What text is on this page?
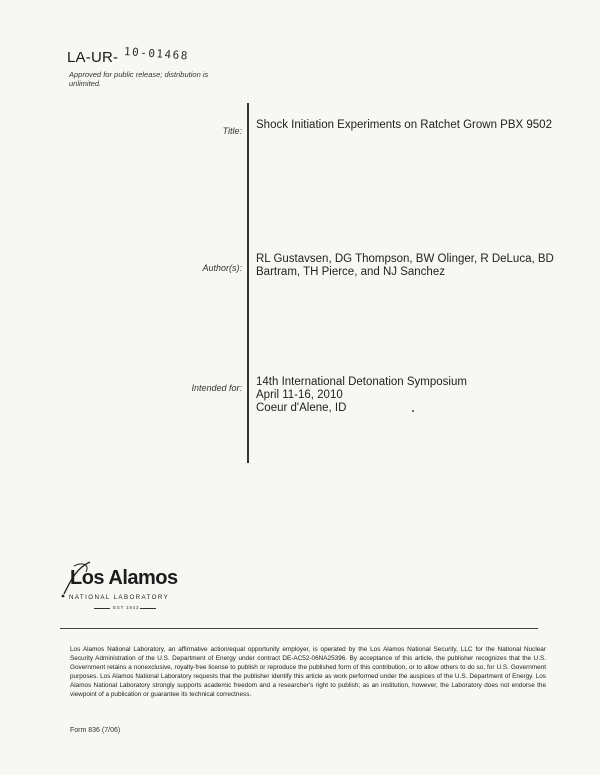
LA-UR- 10-01468
Approved for public release; distribution is unlimited.
Title: Shock Initiation Experiments on Ratchet Grown PBX 9502
Author(s):
RL Gustavsen, DG Thompson, BW Olinger, R DeLuca, BD Bartram, TH Pierce, and NJ Sanchez
Intended for: 14th International Detonation Symposium
April 11-16, 2010
Coeur d'Alene, ID
Los Alamos
NATIONAL LABORATORY
EST 1943
Los Alamos National Laboratory, an affirmative action/equal opportunity employer, is operated by the Los Alamos National Security, LLC for the National Nuclear Security Administration of the U.S. Department of Energy under contract DE-AC52-06NA25396. By acceptance of this article, the publisher recognizes that the U.S. Government retains a nonexclusive, royalty-free license to publish or reproduce the published form of this contribution, or to allow others to do so, for U.S. Government purposes. Los Alamos National Laboratory requests that the publisher identify this article as work performed under the auspices of the U.S. Department of Energy. Los Alamos National Laboratory strongly supports academic freedom and a researcher's right to publish; as an institution, however, the Laboratory does not endorse the viewpoint of a publication or guarantee its technical correctness.
Form 836 (7/06)
